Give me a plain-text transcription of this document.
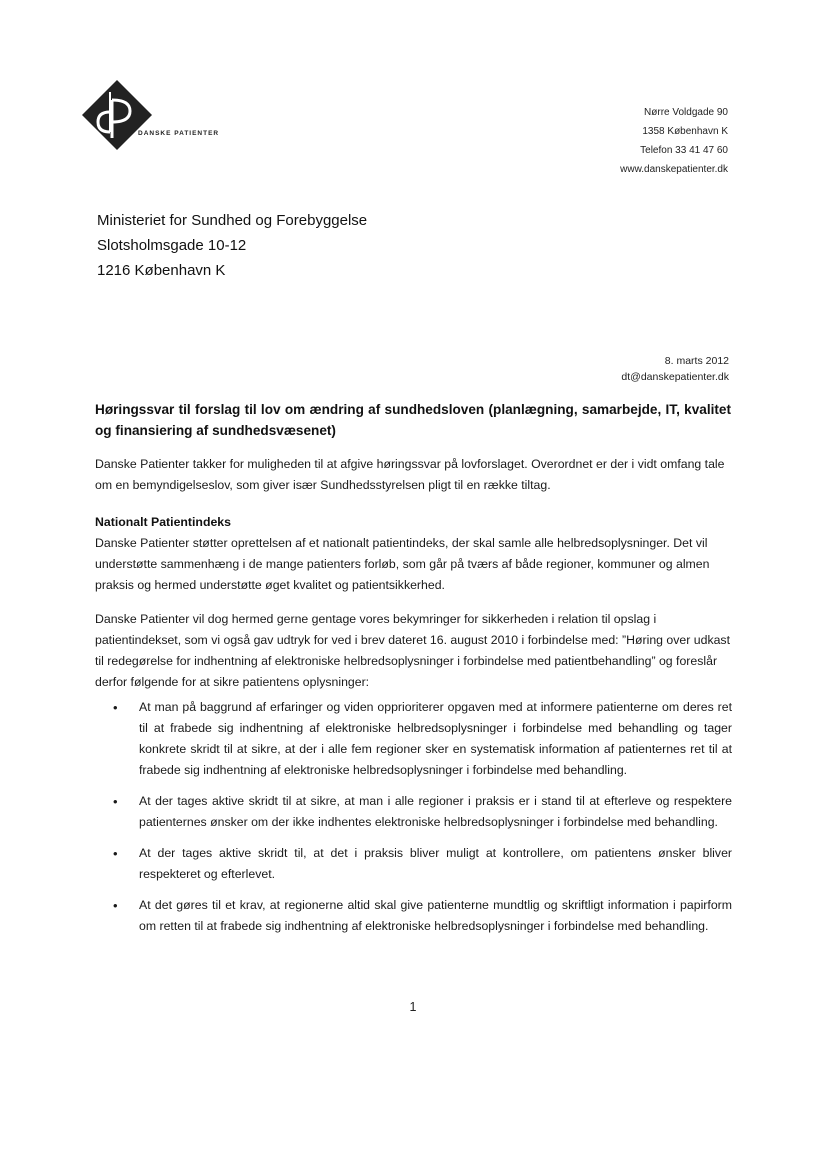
DANSKE PATIENTER
Nørre Voldgade 90
1358 København K
Telefon 33 41 47 60
www.danskepatienter.dk
Ministeriet for Sundhed og Forebyggelse
Slotsholmsgade 10-12
1216 København K
8. marts 2012
dt@danskepatienter.dk
Høringssvar til forslag til lov om ændring af sundhedsloven (planlægning, samarbejde, IT, kvalitet og finansiering af sundhedsvæsenet)

Danske Patienter takker for muligheden til at afgive høringssvar på lovforslaget. Overordnet er der i vidt omfang tale om en bemyndigelseslov, som giver især Sundhedsstyrelsen pligt til en række tiltag.

Nationalt Patientindeks

Danske Patienter støtter oprettelsen af et nationalt patientindeks, der skal samle alle helbredsoplysninger. Det vil understøtte sammenhæng i de mange patienters forløb, som går på tværs af både regioner, kommuner og almen praksis og hermed understøtte øget kvalitet og patientsikkerhed.

Danske Patienter vil dog hermed gerne gentage vores bekymringer for sikkerheden i relation til opslag i patientindekset, som vi også gav udtryk for ved i brev dateret 16. august 2010 i forbindelse med: ”Høring over udkast til redegørelse for indhentning af elektroniske helbredsoplysninger i forbindelse med patientbehandling” og foreslår derfor følgende for at sikre patientens oplysninger:

• At man på baggrund af erfaringer og viden opprioriterer opgaven med at informere patienterne om deres ret til at frabede sig indhentning af elektroniske helbredsoplysninger i forbindelse med behandling og tager konkrete skridt til at sikre, at der i alle fem regioner sker en systematisk information af patienternes ret til at frabede sig indhentning af elektroniske helbredsoplysninger i forbindelse med behandling.
• At der tages aktive skridt til at sikre, at man i alle regioner i praksis er i stand til at efterleve og respektere patienternes ønsker om der ikke indhentes elektroniske helbredsoplysninger i forbindelse med behandling.
• At der tages aktive skridt til, at det i praksis bliver muligt at kontrollere, om patientens ønsker bliver respekteret og efterlevet.
• At det gøres til et krav, at regionerne altid skal give patienterne mundtlig og skriftligt information i papirform om retten til at frabede sig indhentning af elektroniske helbredsoplysninger i forbindelse med behandling.
1
